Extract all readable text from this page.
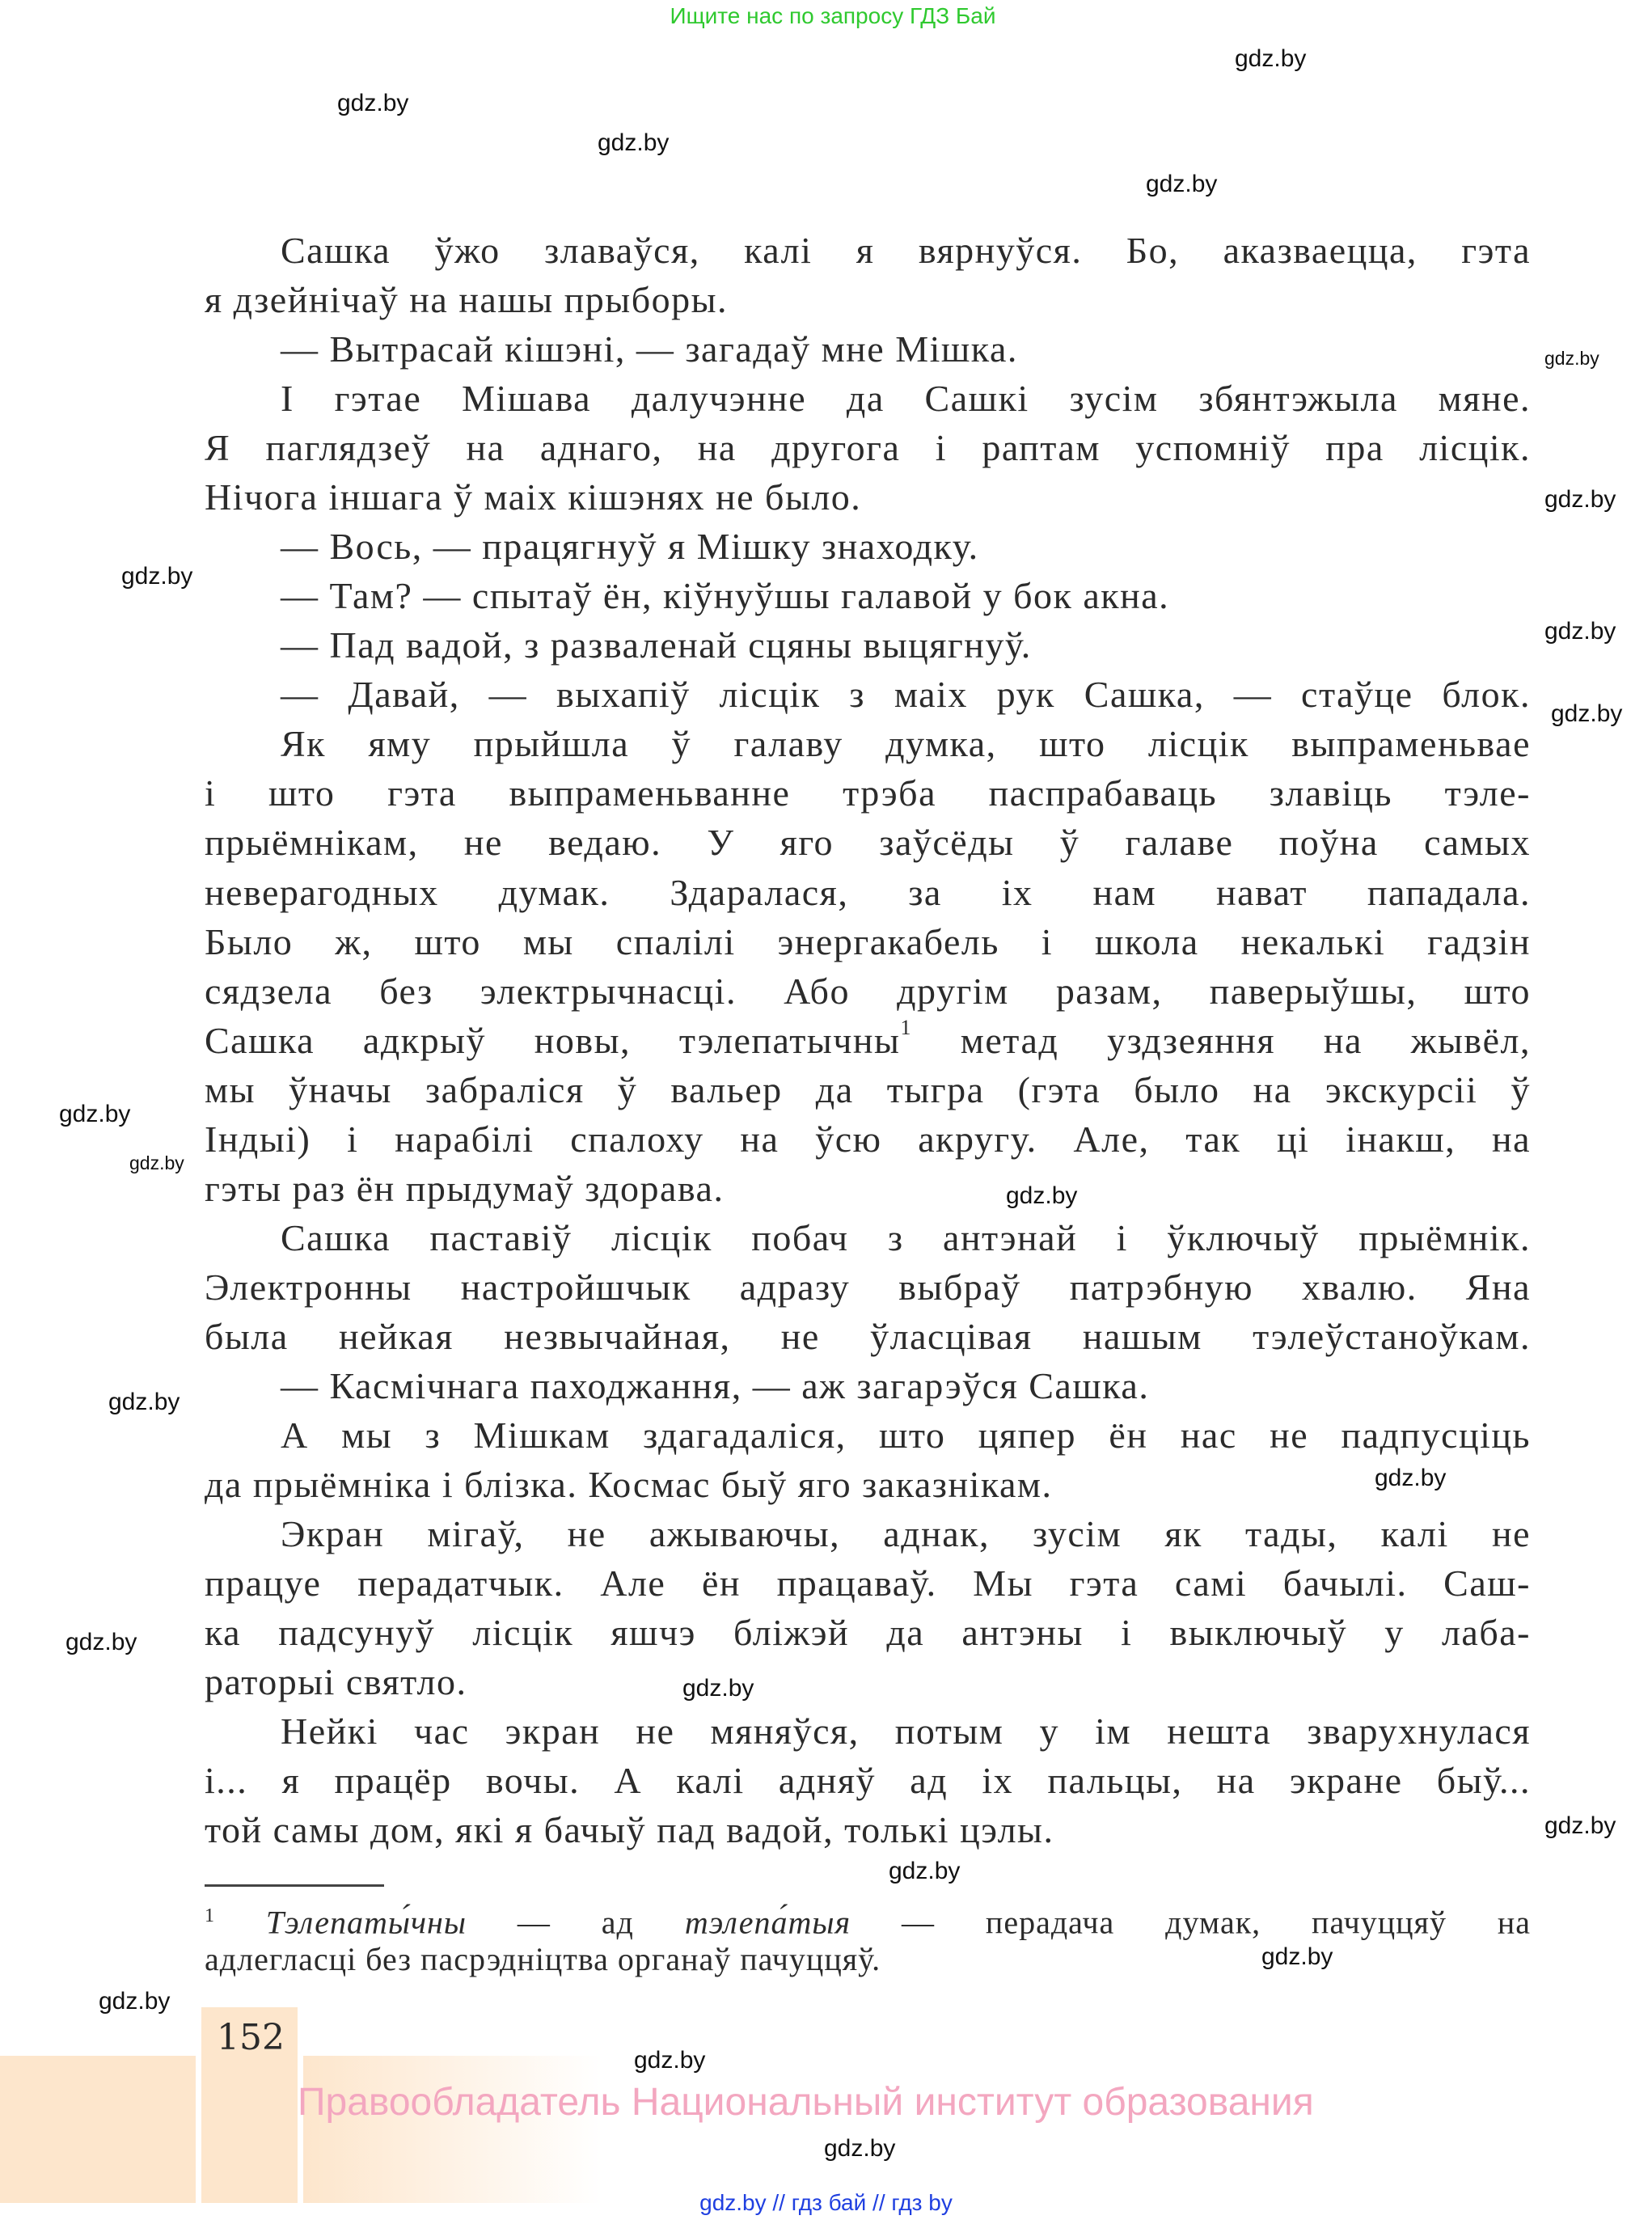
Ищите нас по запросу ГДЗ Бай
Сашка ўжо злаваўся, калі я вярнуўся. Бо, аказваецца, гэта
я дзейнічаў на нашы прыборы.
— Вытрасай кішэні, — загадаў мне Мішка.
І гэтае Мішава далучэнне да Сашкі зусім збянтэжыла мяне.
Я паглядзеў на аднаго, на другога і раптам успомніў пра лісцік.
Нічога іншага ў маіх кішэнях не было.
— Вось, — працягнуў я Мішку знаходку.
— Там? — спытаў ён, кіўнуўшы галавой у бок акна.
— Пад вадой, з разваленай сцяны выцягнуў.
— Давай, — выхапіў лісцік з маіх рук Сашка, — стаўце блок.
Як яму прыйшла ў галаву думка, што лісцік выпраменьвае
і што гэта выпраменьванне трэба паспрабаваць злавіць тэле-
прыёмнікам, не ведаю. У яго заўсёды ў галаве поўна самых
неверагодных думак. Здаралася, за іх нам нават пападала.
Было ж, што мы спалілі энергакабель і школа некалькі гадзін
сядзела без электрычнасці. Або другім разам, паверыўшы, што
Сашка адкрыў новы, тэлепатычны$^1$ метад уздзеяння на жывёл,
мы ўначы забраліся ў вальер да тыгра (гэта было на экскурсіі ў
Індыі) і нарабілі спалоху на ўсю акругу. Але, так ці інакш, на
гэты раз ён прыдумаў здорава.
Сашка паставіў лісцік побач з антэнай і ўключыў прыёмнік.
Электронны настройшчык адразу выбраў патрэбную хвалю. Яна
была нейкая незвычайная, не ўласцівая нашым тэлеўстаноўкам.
— Касмічнага паходжання, — аж загарэўся Сашка.
А мы з Мішкам здагадаліся, што цяпер ён нас не падпусціць
да прыёмніка і блізка. Космас быў яго заказнікам.
Экран мігаў, не ажываючы, аднак, зусім як тады, калі не
працуе перадатчык. Але ён працаваў. Мы гэта самі бачылі. Саш-
ка падсунуў лісцік яшчэ бліжэй да антэны і выключыў у лаба-
раторыі святло.
Нейкі час экран не мяняўся, потым у ім нешта зварухнулася
і... я працёр вочы. А калі адняў ад іх пальцы, на экране быў...
той самы дом, які я бачыў пад вадой, толькі цэлы.
$^1$ Тэлепаты́чны — ад тэлепа́тыя — перадача думак, пачуццяў на
адлегласці без пасрэдніцтва органаў пачуццяў.
152
Правообладатель Национальный институт образования
gdz.by
gdz.by
gdz.by
gdz.by
gdz.by
gdz.by
gdz.by
gdz.by
gdz.by
gdz.by
gdz.by
gdz.by
gdz.by
gdz.by
gdz.by
gdz.by
gdz.by
gdz.by
gdz.by
gdz.by
gdz.by
gdz.by
gdz.by // гдз бай // гдз by
